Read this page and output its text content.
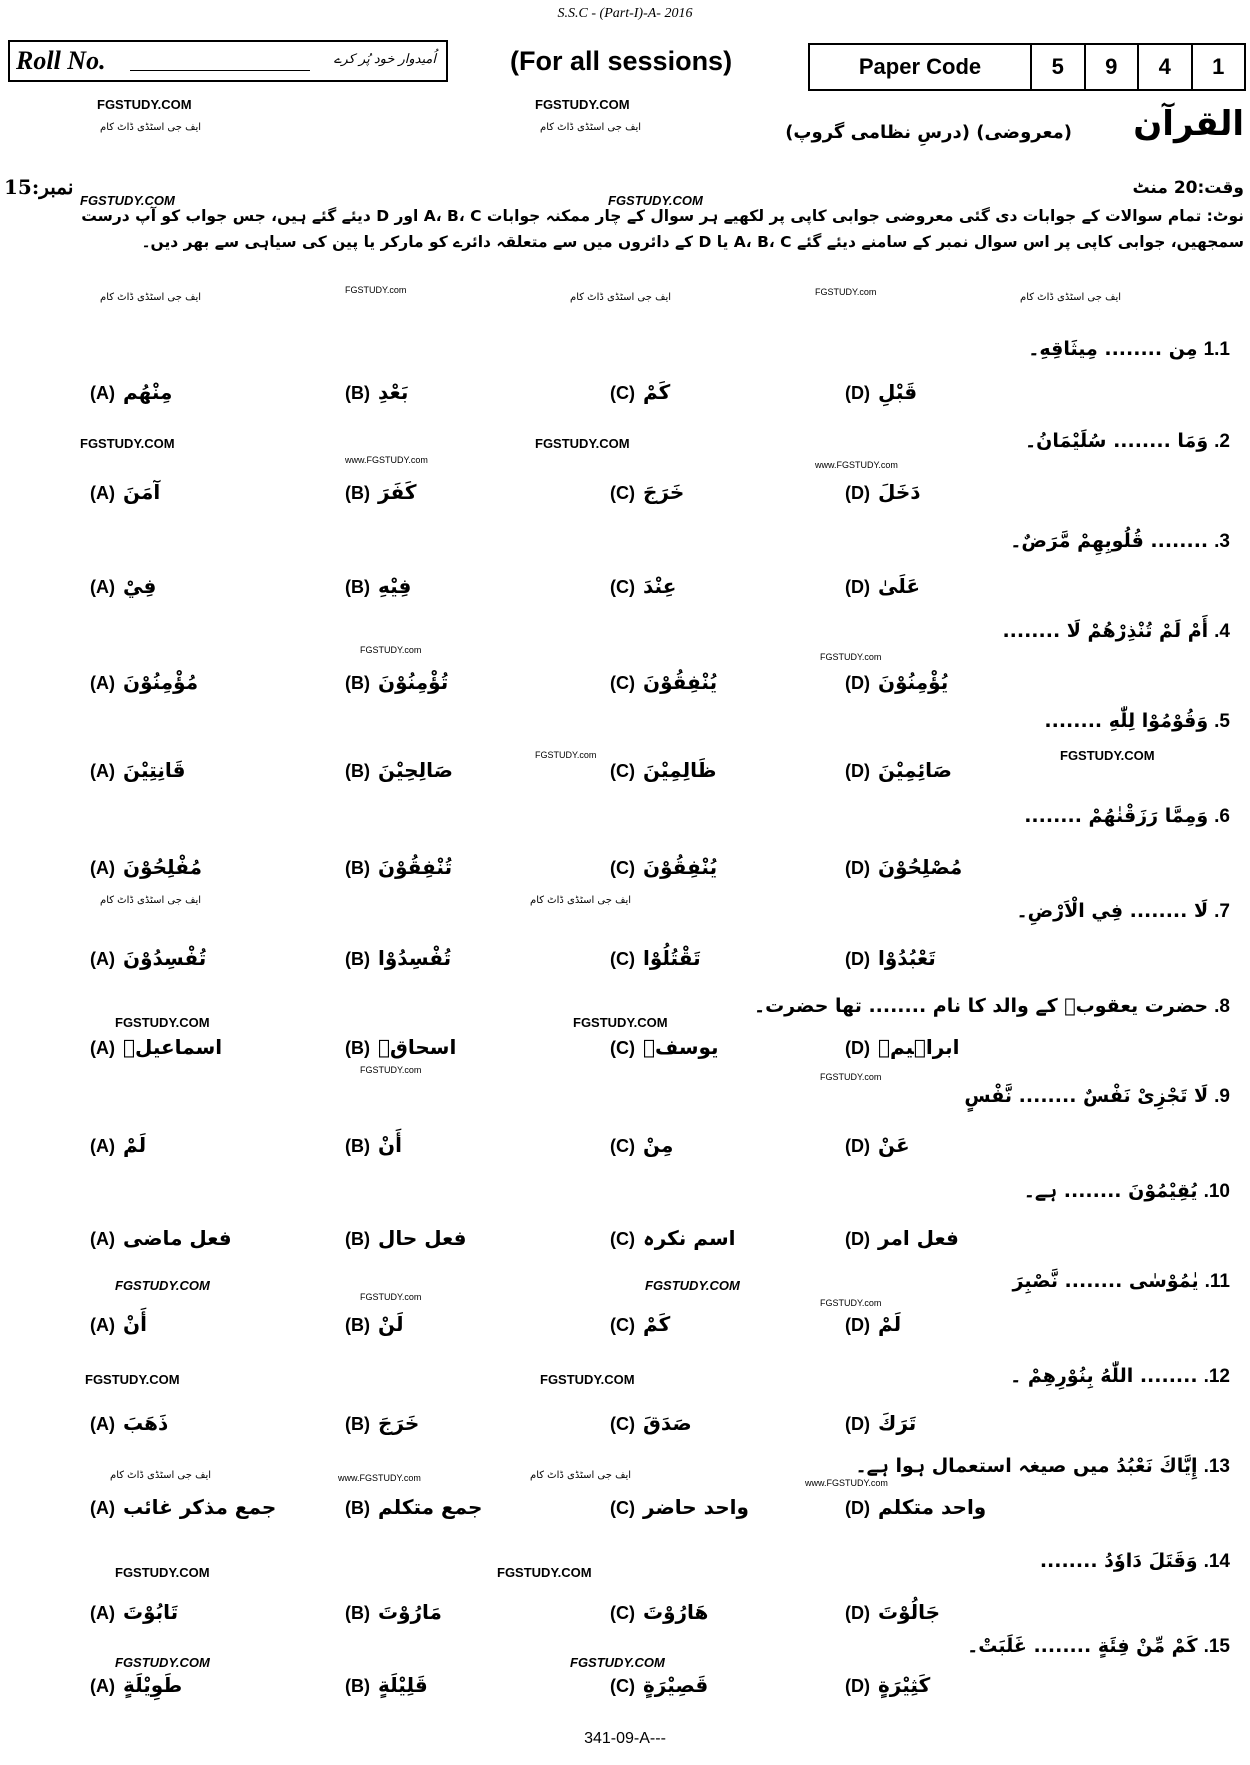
S.S.C - (Part-I)-A- 2016
Roll No.	اُمیدوار خود پُر کرے	(For all sessions)	Paper Code	5	9	4	1
FGSTUDY.COM
ایف جی اسٹڈی ڈاٹ کام
FGSTUDY.COM
ایف جی اسٹڈی ڈاٹ کام	القرآن
(معروضی) (درسِ نظامی گروپ)
نمبر:15
FGSTUDY.COM	FGSTUDY.COM
وقت:20 منٹ
نوٹ: تمام سوالات کے جوابات دی گئی معروضی جوابی کاپی پر لکھیے ہر سوال کے چار ممکنہ جوابات A، B، C اور D دیئے گئے ہیں، جس جواب کو آپ درست سمجھیں، جوابی کاپی پر اس سوال نمبر کے سامنے دیئے گئے A، B، C یا D کے دائروں میں سے متعلقہ دائرے کو مارکر یا پین کی سیاہی سے بھر دیں۔
ایف جی اسٹڈی ڈاٹ کام
FGSTUDY.com
ایف جی اسٹڈی ڈاٹ کام	FGSTUDY.com	ایف جی اسٹڈی ڈاٹ کام
1.1مِن ........ مِيثَاقِهِ۔
(A) مِنْهُم	(B) بَعْدِ	(C) كَمْ	(D) قَبْلِ
2.وَمَا ........ سُلَيْمَانُ۔
(A) آمَنَ	(B) كَفَرَ	(C) خَرَجَ	(D) دَخَلَ
3......... قُلُوبِهِمْ مَّرَضٌ۔
(A) فِيْ	(B) فِيْهِ	(C) عِنْدَ	(D) عَلَىٰ
4.أَمْ لَمْ تُنْذِرْهُمْ لَا ........
(A) مُؤْمِنُوْنَ	(B) تُؤْمِنُوْنَ	(C) يُنْفِقُوْنَ	(D) يُؤْمِنُوْنَ
5.وَقُوْمُوْا لِلّٰهِ ........
(A) قَانِتِيْنَ	(B) صَالِحِيْنَ	(C) ظَالِمِيْنَ	(D) صَائِمِيْنَ
6.وَمِمَّا رَزَقْنٰهُمْ ........
(A) مُفْلِحُوْنَ	(B) تُنْفِقُوْنَ	(C) يُنْفِقُوْنَ	(D) مُصْلِحُوْنَ
7.لَا ........ فِي الْاَرْضِ۔
(A) تُفْسِدُوْنَ	(B) تُفْسِدُوْا	(C) تَقْتُلُوْا	(D) تَعْبُدُوْا
8.حضرت یعقوبؑ کے والد کا نام ........ تھا حضرت۔
(A) اسماعیلؑ	(B) اسحاقؑ	(C) یوسفؑ	(D) ابراہیمؑ
9.لَا تَجْزِىْ نَفْسٌ ........ نَّفْسٍ
(A) لَمْ	(B) أَنْ	(C) مِنْ	(D) عَنْ
10.يُقِيْمُوْنَ ........ ہے۔
(A) فعل ماضی	(B) فعل حال	(C) اسم نکرہ	(D) فعل امر
11.يٰمُوْسٰى ........ نَّصْبِرَ
(A) أَنْ	(B) لَنْ	(C) كَمْ	(D) لَمْ
12......... اللّٰهُ بِنُوْرِهِمْ ۔
(A) ذَهَبَ	(B) خَرَجَ	(C) صَدَقَ	(D) تَرَكَ
13.إِيَّاكَ نَعْبُدُ میں صیغہ استعمال ہوا ہے۔
(A) جمع مذکر غائب	(B) جمع متکلم	(C) واحد حاضر	(D) واحد متکلم
14.وَقَتَلَ دَاوٗدُ ........
(A) تَابُوْتَ	(B) مَارُوْتَ	(C) هَارُوْتَ	(D) جَالُوْتَ
15.كَمْ مِّنْ فِئَةٍ ........ غَلَبَتْ۔
(A) طَوِيْلَةٍ	(B) قَلِيْلَةٍ	(C) قَصِيْرَةٍ	(D) كَثِيْرَةٍ
FGSTUDY.COM	FGSTUDY.COM
www.FGSTUDY.com	www.FGSTUDY.com
FGSTUDY.com
FGSTUDY.com
FGSTUDY.COM
FGSTUDY.com
ایف جی اسٹڈی ڈاٹ کام	ایف جی اسٹڈی ڈاٹ کام
FGSTUDY.COM	FGSTUDY.COM
FGSTUDY.com
FGSTUDY.com
FGSTUDY.COM	FGSTUDY.COM
FGSTUDY.com
FGSTUDY.com
FGSTUDY.COM	FGSTUDY.COM
ایف جی اسٹڈی ڈاٹ کام	www.FGSTUDY.com	ایف جی اسٹڈی ڈاٹ کام
www.FGSTUDY.com
FGSTUDY.COM	FGSTUDY.COM
FGSTUDY.COM	FGSTUDY.COM
341-09-A---
